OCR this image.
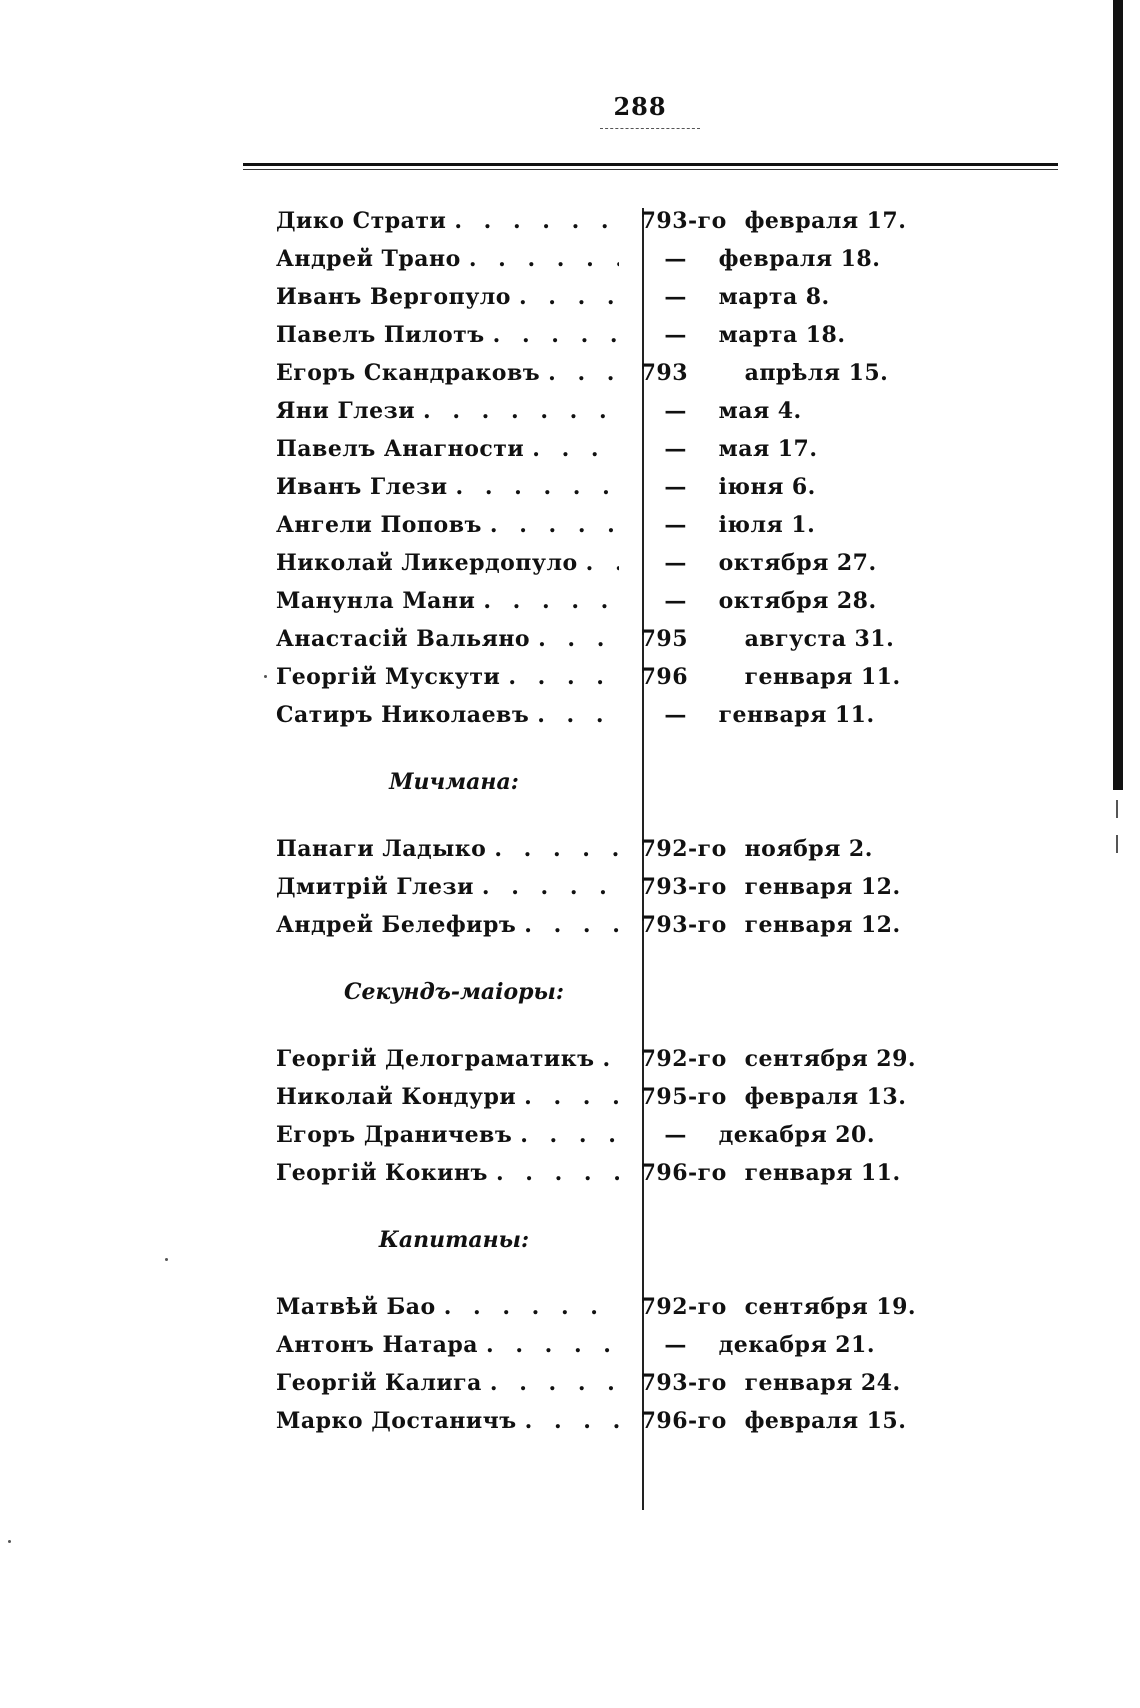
288
Дико Страти . . .	793-го февраля 17.
Андрей Трано . . .	—	февраля 18.
Иванъ Вергопуло . . .	—	марта 8.
Павелъ Пилотъ . . .	—	марта 18.
Егоръ Скандраковъ . . .	793	апрѣля 15.
Яни Глези . . .	—	мая 4.
Павелъ Анагности . . .	—	мая 17.
Иванъ Глези . . .	—	іюня 6.
Ангели Поповъ . . .	—	іюля 1.
Николай Ликердопуло . . .	—	октября 27.
Манунла Мани . . .	—	октября 28.
Анастасій Вальяно . . .	795	августа 31.
Георгій Мускути . . .	796	генваря 11.
Сатиръ Николаевъ . . .	—	генваря 11.
Мичмана:
Панаги Ладыко . . .	792-го ноября 2.
Дмитрій Глези . . .	793-го генваря 12.
Андрей Белефиръ . . .	793-го генваря 12.
Секундъ-маіоры:
Георгій Делограматикъ . . . 792-го сентября 29.
Николай Кондури . . .	795-го февраля 13.
Егоръ Драничевъ . . .	—	декабря 20.
Георгій Кокинъ . . .	796-го генваря 11.
Капитаны:
Матвѣй Бао . . .	792-го сентября 19.
Антонъ Натара . . .	—	декабря 21.
Георгій Калига . . .	793-го генваря 24.
Марко Достаничъ . . .	796-го февраля 15.
